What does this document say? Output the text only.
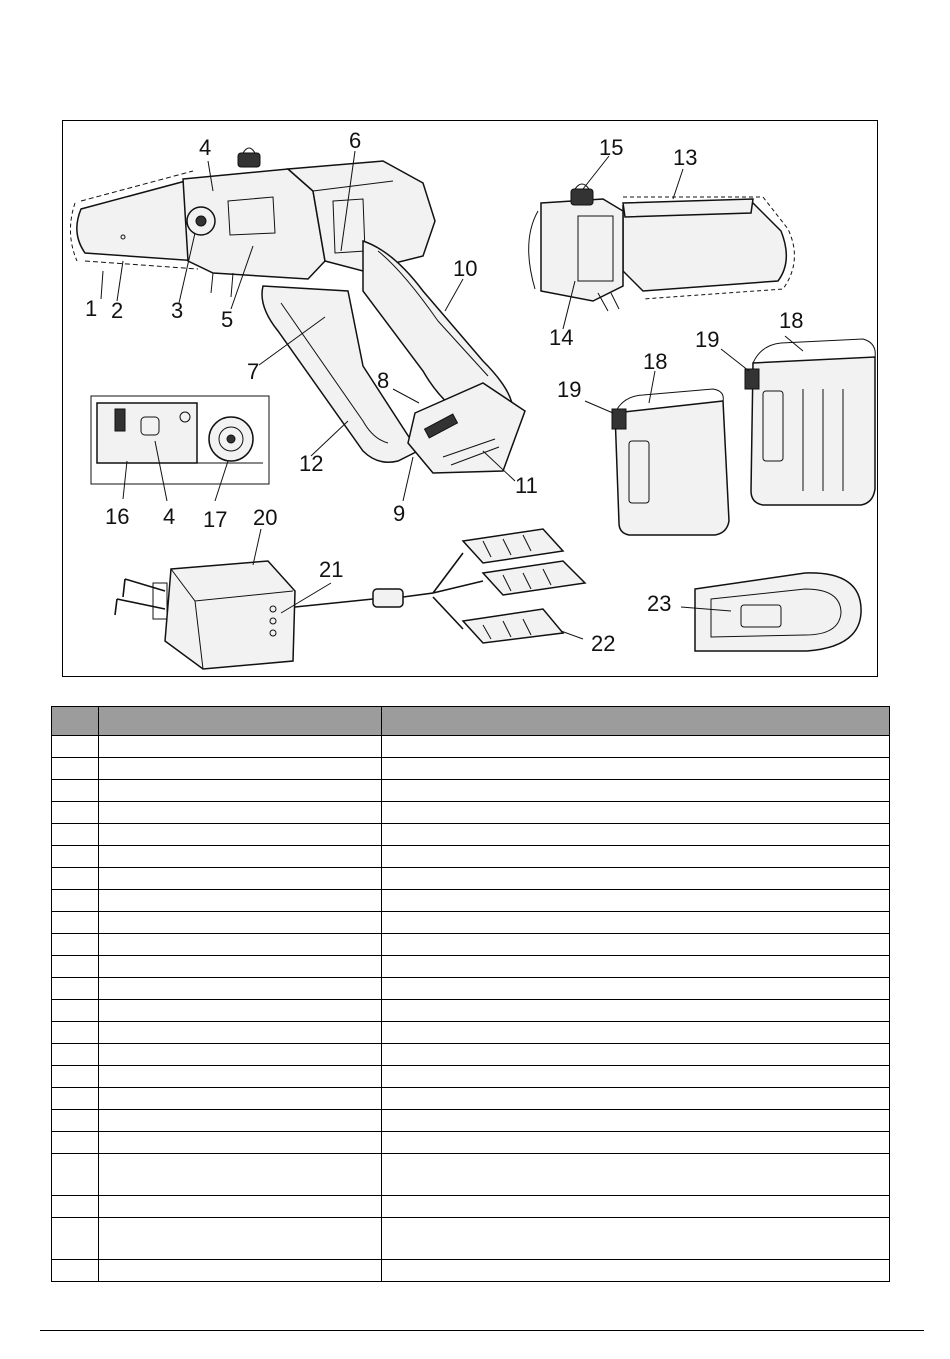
1 2 3
4
5
6
7	8
9
10
11
12
13
14
15
16 4 17
18
18
19
19
20
21
22
23
